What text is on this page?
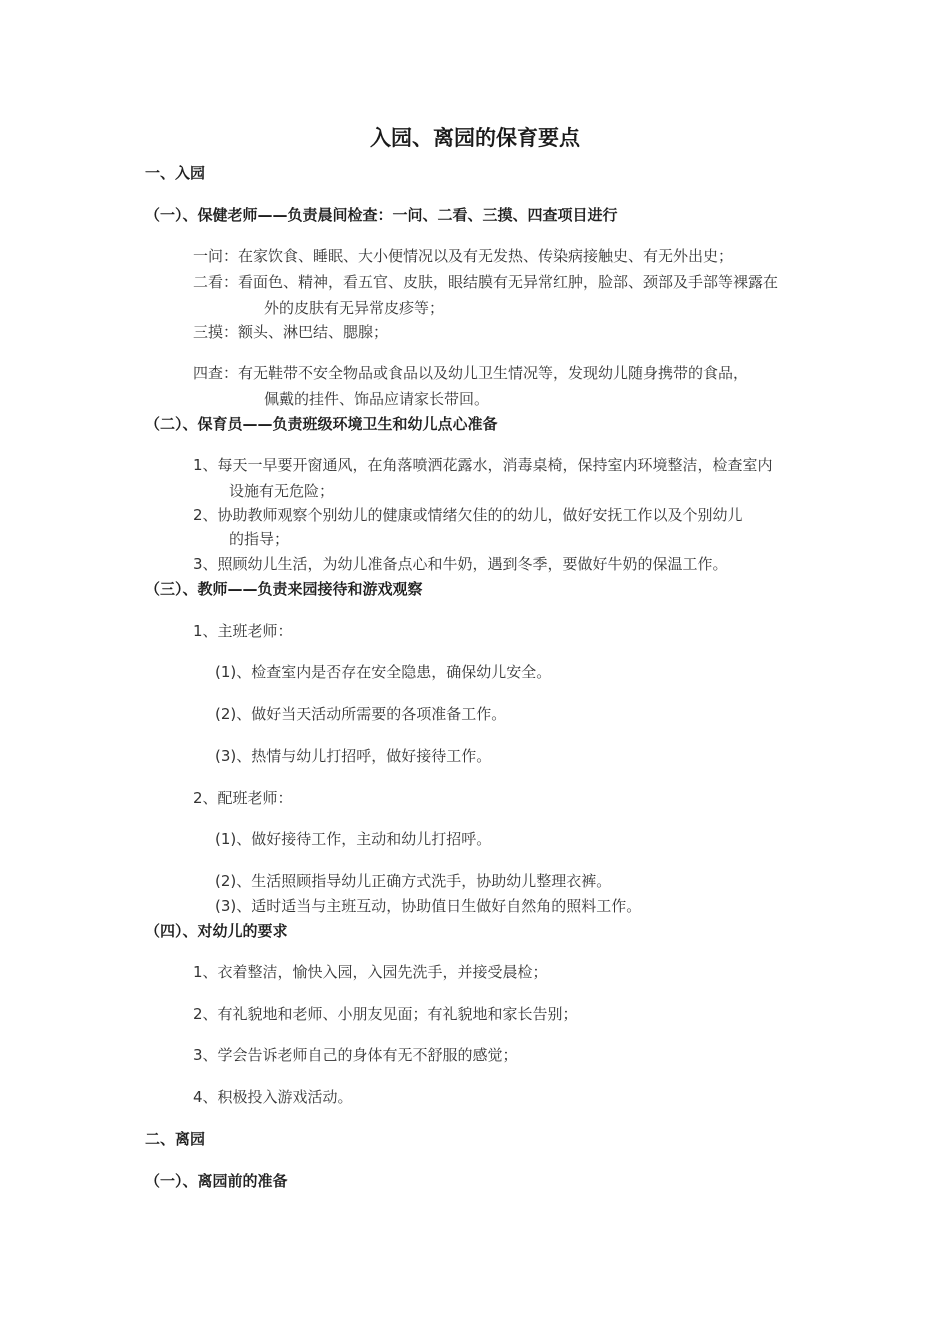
入园、离园的保育要点
一、入园
（一）、保健老师——负责晨间检查：一问、二看、三摸、四查项目进行
一问：在家饮食、睡眠、大小便情况以及有无发热、传染病接触史、有无外出史；
二看：看面色、精神，看五官、皮肤，眼结膜有无异常红肿，脸部、颈部及手部等裸露在
外的皮肤有无异常皮疹等；
三摸：额头、淋巴结、腮腺；
四查：有无鞋带不安全物品或食品以及幼儿卫生情况等，发现幼儿随身携带的食品，
佩戴的挂件、饰品应请家长带回。
（二）、保育员——负责班级环境卫生和幼儿点心准备
1、每天一早要开窗通风，在角落喷洒花露水，消毒桌椅，保持室内环境整洁，检查室内
设施有无危险；
2、协助教师观察个别幼儿的健康或情绪欠佳的的幼儿，做好安抚工作以及个别幼儿
的指导；
3、照顾幼儿生活，为幼儿准备点心和牛奶，遇到冬季，要做好牛奶的保温工作。
（三）、教师——负责来园接待和游戏观察
1、主班老师：
(1)、检查室内是否存在安全隐患，确保幼儿安全。
(2)、做好当天活动所需要的各项准备工作。
(3)、热情与幼儿打招呼，做好接待工作。
2、配班老师：
(1)、做好接待工作，主动和幼儿打招呼。
(2)、生活照顾指导幼儿正确方式洗手，协助幼儿整理衣裤。
(3)、适时适当与主班互动，协助值日生做好自然角的照料工作。
（四）、对幼儿的要求
1、衣着整洁，愉快入园，入园先洗手，并接受晨检；
2、有礼貌地和老师、小朋友见面；有礼貌地和家长告别；
3、学会告诉老师自己的身体有无不舒服的感觉；
4、积极投入游戏活动。
二、离园
（一）、离园前的准备
